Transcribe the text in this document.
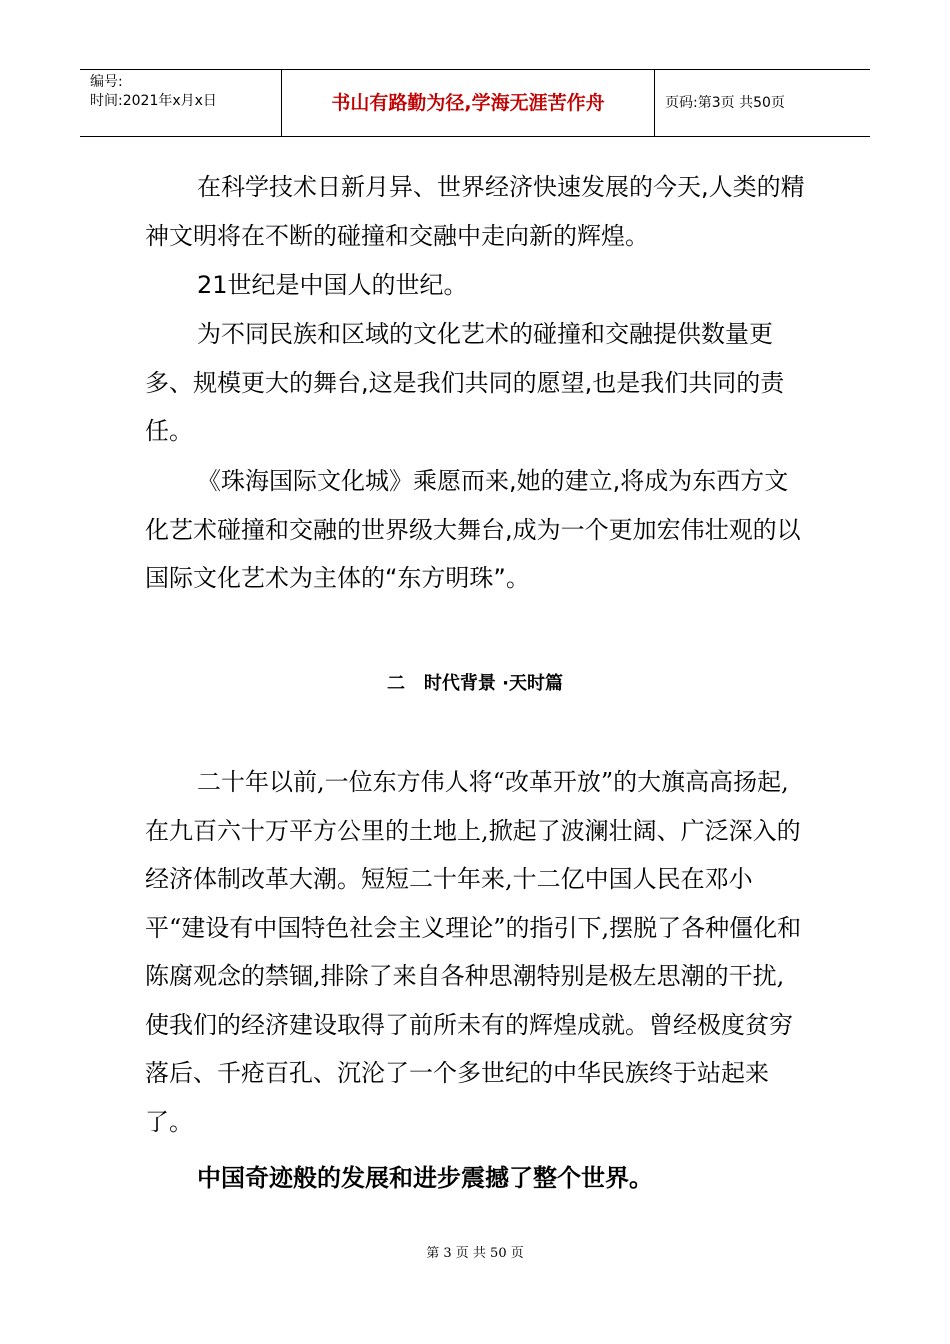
编号:
时间:2021年x月x日	书山有路勤为径,学海无涯苦作舟	页码:第3页 共50页

在科学技术日新月异、世界经济快速发展的今天,人类的精神文明将在不断的碰撞和交融中走向新的辉煌。

21世纪是中国人的世纪。

为不同民族和区域的文化艺术的碰撞和交融提供数量更多、规模更大的舞台,这是我们共同的愿望,也是我们共同的责任。

《珠海国际文化城》乘愿而来,她的建立,将成为东西方文化艺术碰撞和交融的世界级大舞台,成为一个更加宏伟壮观的以国际文化艺术为主体的“东方明珠”。

二   时代背景 ·天时篇

二十年以前,一位东方伟人将“改革开放”的大旗高高扬起,在九百六十万平方公里的土地上,掀起了波澜壮阔、广泛深入的经济体制改革大潮。短短二十年来,十二亿中国人民在邓小平“建设有中国特色社会主义理论”的指引下,摆脱了各种僵化和陈腐观念的禁锢,排除了来自各种思潮特别是极左思潮的干扰,使我们的经济建设取得了前所未有的辉煌成就。曾经极度贫穷落后、千疮百孔、沉沦了一个多世纪的中华民族终于站起来了。

中国奇迹般的发展和进步震撼了整个世界。

第 3 页 共 50 页
